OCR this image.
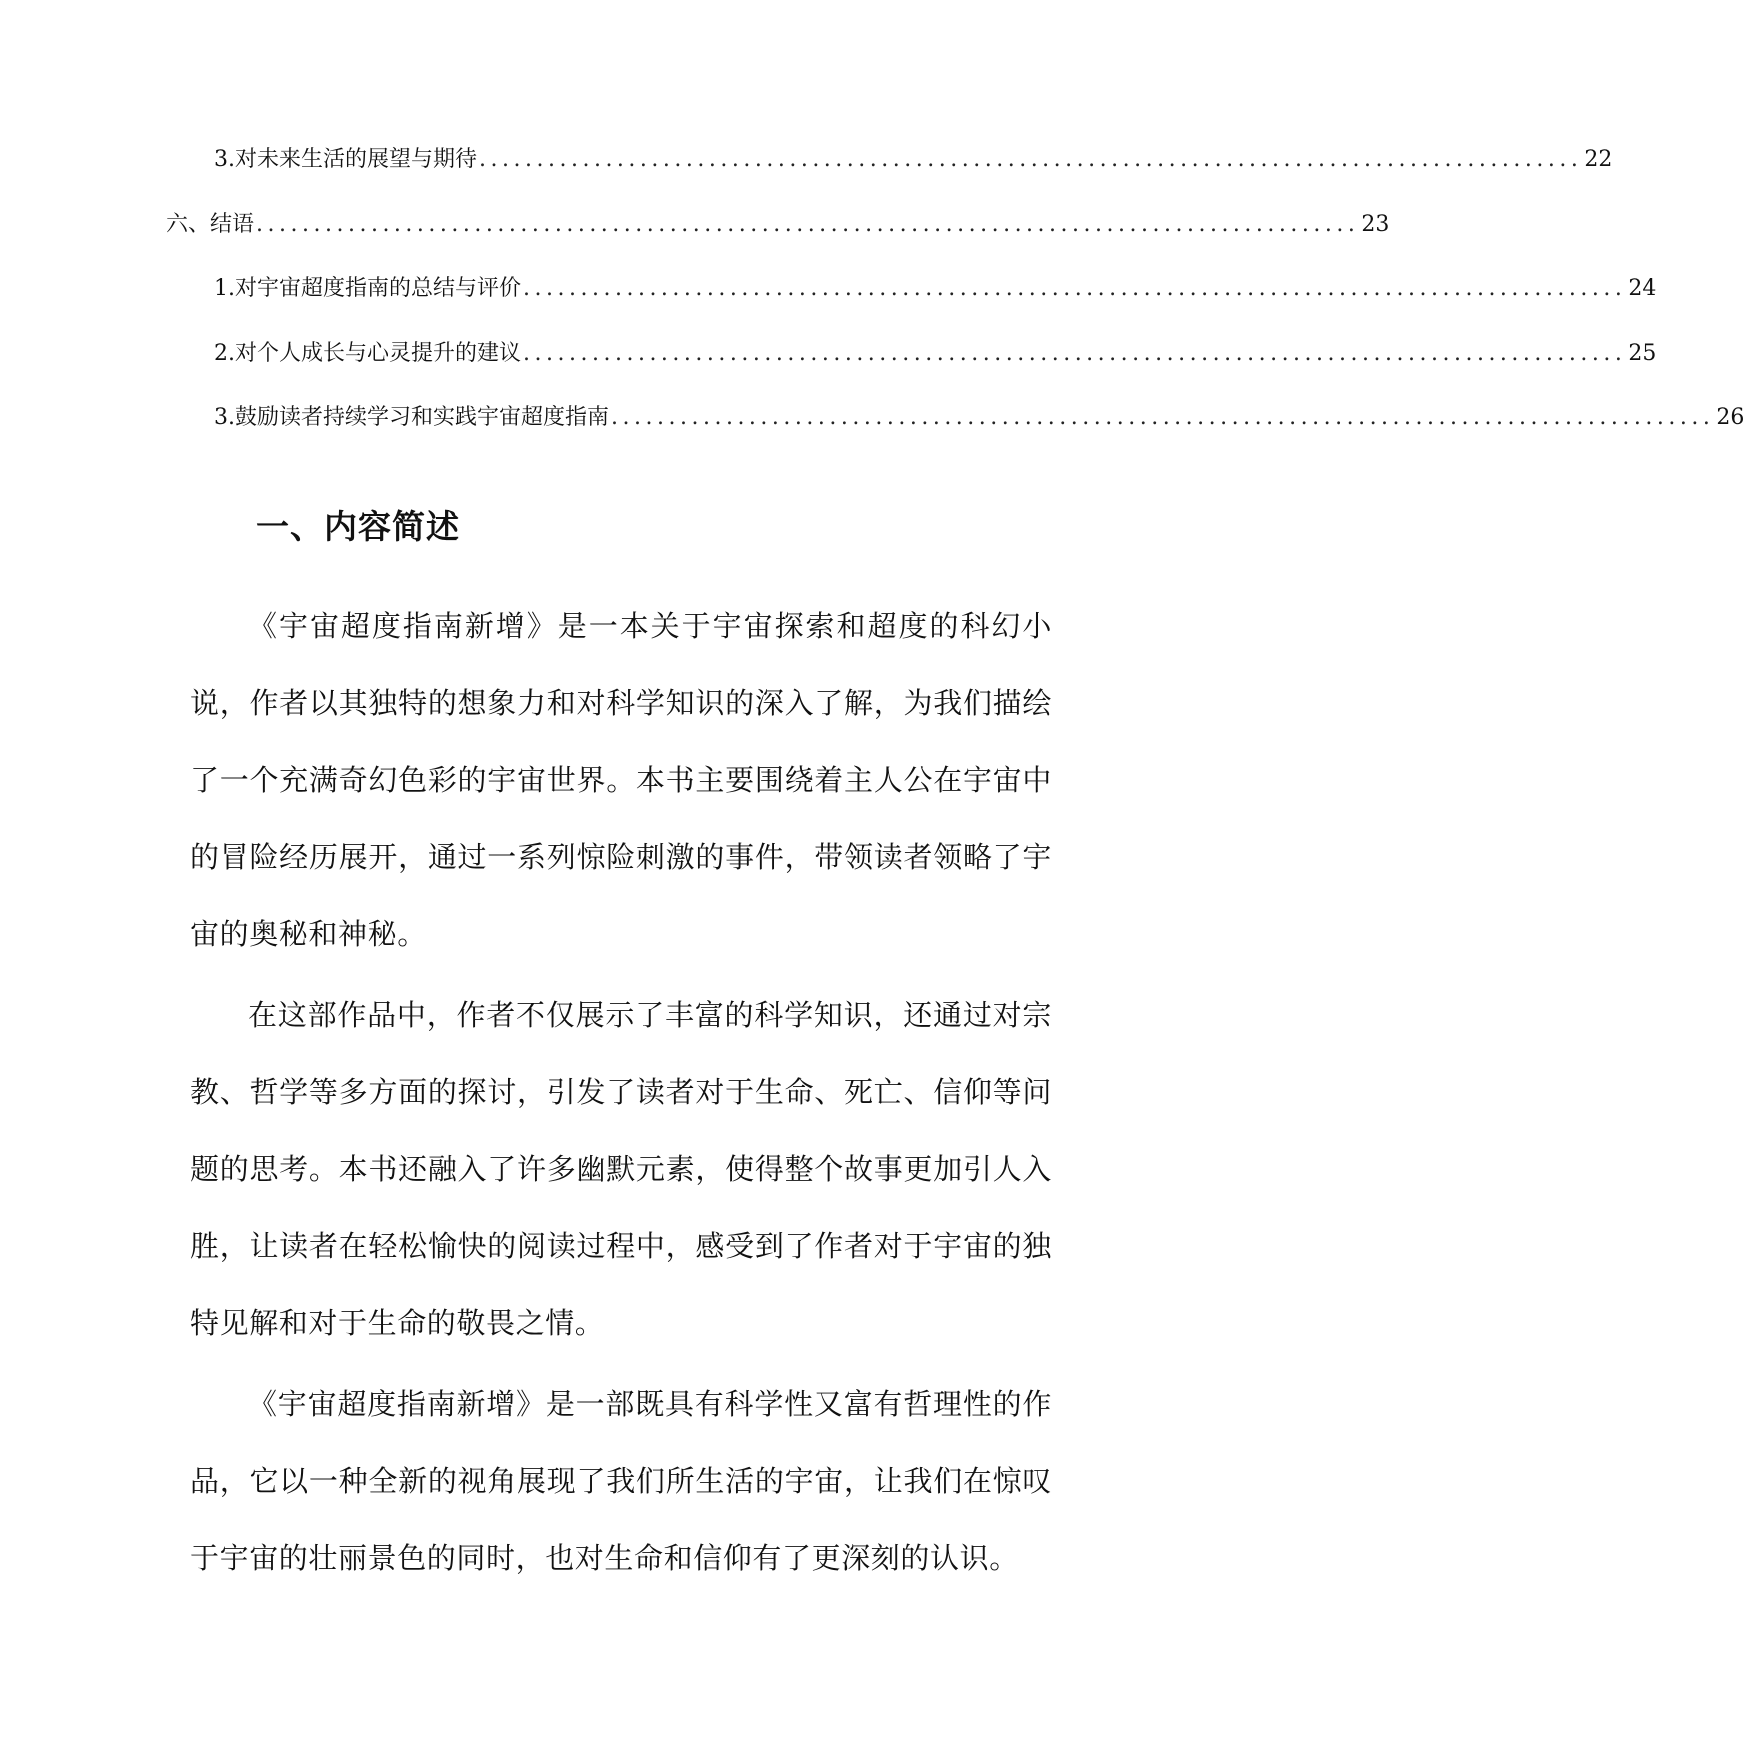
3. 对未来生活的展望与期待 ................................................................................................ 22
六、结语 ................................................................................................ 23
1. 对宇宙超度指南的总结与评价 ................................................................................................ 24
2. 对个人成长与心灵提升的建议 ................................................................................................ 25
3. 鼓励读者持续学习和实践宇宙超度指南 ................................................................................................ 26
一、内容简述

《宇宙超度指南新增》是一本关于宇宙探索和超度的科幻小说，作者以其独特的想象力和对科学知识的深入了解，为我们描绘了一个充满奇幻色彩的宇宙世界。本书主要围绕着主人公在宇宙中的冒险经历展开，通过一系列惊险刺激的事件，带领读者领略了宇宙的奥秘和神秘。

在这部作品中，作者不仅展示了丰富的科学知识，还通过对宗教、哲学等多方面的探讨，引发了读者对于生命、死亡、信仰等问题的思考。本书还融入了许多幽默元素，使得整个故事更加引人入胜，让读者在轻松愉快的阅读过程中，感受到了作者对于宇宙的独特见解和对于生命的敬畏之情。

《宇宙超度指南新增》是一部既具有科学性又富有哲理性的作品，它以一种全新的视角展现了我们所生活的宇宙，让我们在惊叹于宇宙的壮丽景色的同时，也对生命和信仰有了更深刻的认识。
